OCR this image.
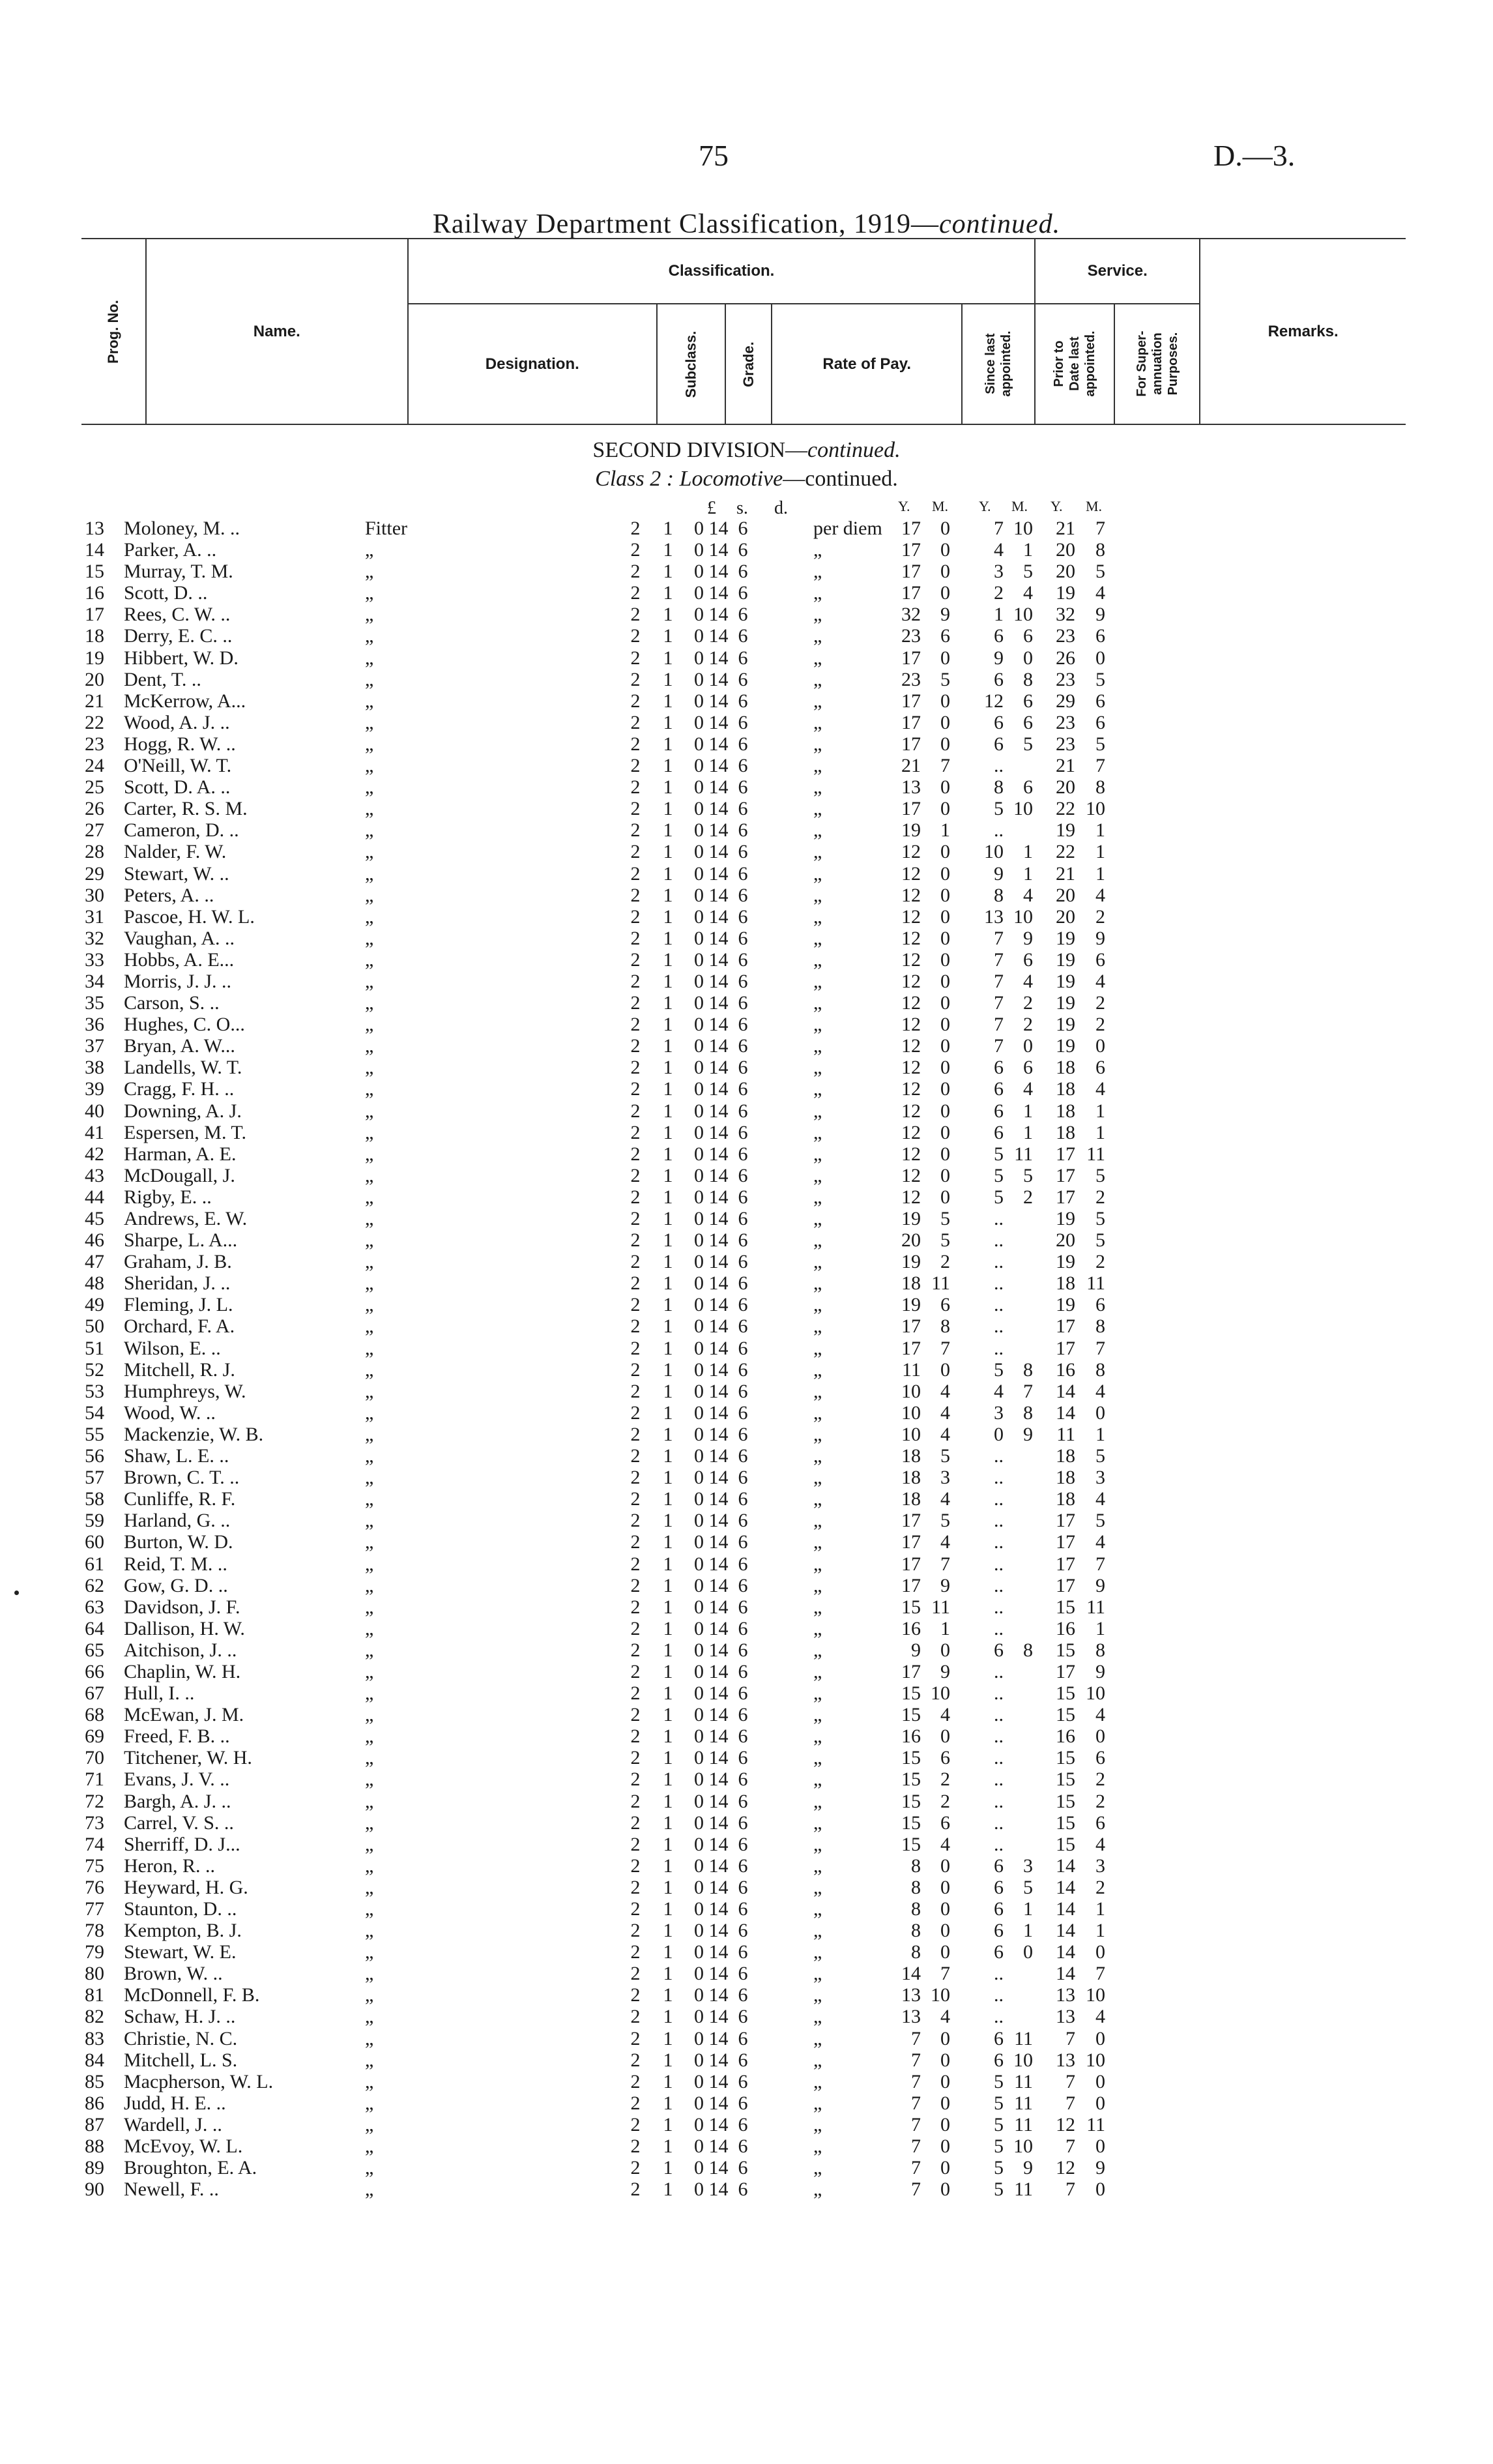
75	D.—3.
Railway Department Classification, 1919—continued.
Prog. No.	Name.	Classification.					Service.		Remarks.
		Designation.	Subclass.	Grade.	Rate of Pay.	Since last appointed.	Prior to Date last appointed.	For Super-annuation Purposes.	
SECOND DIVISION—continued.
Class 2 : Locomotive—continued.
£ s. d.	Y. M. Y. M. Y. M.
13 Moloney, M. ..	Fitter	2 1 0 14  6	per diem 17	0	7 10	21	7
14 Parker, A. ..	„	2 1 0 14  6	„	17	0	4	1	20	8
15 Murray, T. M.	„	2 1 0 14  6	„	17	0	3	5	20	5
16 Scott, D. ..	„	2 1 0 14  6	„	17	0	2	4	19	4
17 Rees, C. W. ..	„	2 1 0 14  6	„	32	9	1 10	32	9
18 Derry, E. C. ..	„	2 1 0 14  6	„	23	6	6	6	23	6
19 Hibbert, W. D.	„	2 1 0 14  6	„	17	0	9	0	26	0
20 Dent, T. ..	„	2 1 0 14  6	„	23	5	6	8	23	5
21 McKerrow, A...	„	2 1 0 14  6	„	17	0	12	6	29	6
22 Wood, A. J. ..	„	2 1 0 14  6	„	17	0	6	6	23	6
23 Hogg, R. W. ..	„	2 1 0 14  6	„	17	0	6	5	23	5
24 O'Neill, W. T.	„	2 1 0 14  6	„	21	7	..	21	7
25 Scott, D. A. ..	„	2 1 0 14  6	„	13	0	8	6	20	8
26 Carter, R. S. M.	„	2 1 0 14  6	„	17	0	5 10	22 10
27 Cameron, D. ..	„	2 1 0 14  6	„	19	1	..	19	1
28 Nalder, F. W.	„	2 1 0 14  6	„	12	0	10	1	22	1
29 Stewart, W. ..	„	2 1 0 14  6	„	12	0	9	1	21	1
30 Peters, A. ..	„	2 1 0 14  6	„	12	0	8	4	20	4
31 Pascoe, H. W. L.	„	2 1 0 14  6	„	12	0	13 10	20	2
32 Vaughan, A. ..	„	2 1 0 14  6	„	12	0	7	9	19	9
33 Hobbs, A. E...	„	2 1 0 14  6	„	12	0	7	6	19	6
34 Morris, J. J. ..	„	2 1 0 14  6	„	12	0	7	4	19	4
35 Carson, S. ..	„	2 1 0 14  6	„	12	0	7	2	19	2
36 Hughes, C. O...	„	2 1 0 14  6	„	12	0	7	2	19	2
37 Bryan, A. W...	„	2 1 0 14  6	„	12	0	7	0	19	0
38 Landells, W. T.	„	2 1 0 14  6	„	12	0	6	6	18	6
39 Cragg, F. H. ..	„	2 1 0 14  6	„	12	0	6	4	18	4
40 Downing, A. J.	„	2 1 0 14  6	„	12	0	6	1	18	1
41 Espersen, M. T.	„	2 1 0 14  6	„	12	0	6	1	18	1
42 Harman, A. E.	„	2 1 0 14  6	„	12	0	5 11	17 11
43 McDougall, J.	„	2 1 0 14  6	„	12	0	5	5	17	5
44 Rigby, E. ..	„	2 1 0 14  6	„	12	0	5	2	17	2
45 Andrews, E. W.	„	2 1 0 14  6	„	19	5	..	19	5
46 Sharpe, L. A...	„	2 1 0 14  6	„	20	5	..	20	5
47 Graham, J. B.	„	2 1 0 14  6	„	19	2	..	19	2
48 Sheridan, J. ..	„	2 1 0 14  6	„	18 11	..	18 11
49 Fleming, J. L.	„	2 1 0 14  6	„	19	6	..	19	6
50 Orchard, F. A.	„	2 1 0 14  6	„	17	8	..	17	8
51 Wilson, E. ..	„	2 1 0 14  6	„	17	7	..	17	7
52 Mitchell, R. J.	„	2 1 0 14  6	„	11	0	5	8	16	8
53 Humphreys, W.	„	2 1 0 14  6	„	10	4	4	7	14	4
54 Wood, W. ..	„	2 1 0 14  6	„	10	4	3	8	14	0
55 Mackenzie, W. B.	„	2 1 0 14  6	„	10	4	0	9	11	1
56 Shaw, L. E. ..	„	2 1 0 14  6	„	18	5	..	18	5
57 Brown, C. T. ..	„	2 1 0 14  6	„	18	3	..	18	3
58 Cunliffe, R. F.	„	2 1 0 14  6	„	18	4	..	18	4
59 Harland, G. ..	„	2 1 0 14  6	„	17	5	..	17	5
60 Burton, W. D.	„	2 1 0 14  6	„	17	4	..	17	4
61 Reid, T. M. ..	„	2 1 0 14  6	„	17	7	..	17	7
62 Gow, G. D. ..	„	2 1 0 14  6	„	17	9	..	17	9
63 Davidson, J. F.	„	2 1 0 14  6	„	15 11	..	15 11
64 Dallison, H. W.	„	2 1 0 14  6	„	16	1	..	16	1
65 Aitchison, J. ..	„	2 1 0 14  6	„	9	0	6	8	15	8
66 Chaplin, W. H.	„	2 1 0 14  6	„	17	9	..	17	9
67 Hull, I. ..	„	2 1 0 14  6	„	15 10	..	15 10
68 McEwan, J. M.	„	2 1 0 14  6	„	15	4	..	15	4
69 Freed, F. B. ..	„	2 1 0 14  6	„	16	0	..	16	0
70 Titchener, W. H.	„	2 1 0 14  6	„	15	6	..	15	6
71 Evans, J. V. ..	„	2 1 0 14  6	„	15	2	..	15	2
72 Bargh, A. J. ..	„	2 1 0 14  6	„	15	2	..	15	2
73 Carrel, V. S. ..	„	2 1 0 14  6	„	15	6	..	15	6
74 Sherriff, D. J...	„	2 1 0 14  6	„	15	4	..	15	4
75 Heron, R. ..	„	2 1 0 14  6	„	8	0	6	3	14	3
76 Heyward, H. G.	„	2 1 0 14  6	„	8	0	6	5	14	2
77 Staunton, D. ..	„	2 1 0 14  6	„	8	0	6	1	14	1
78 Kempton, B. J.	„	2 1 0 14  6	„	8	0	6	1	14	1
79 Stewart, W. E.	„	2 1 0 14  6	„	8	0	6	0	14	0
80 Brown, W. ..	„	2 1 0 14  6	„	14	7	..	14	7
81 McDonnell, F. B.	„	2 1 0 14  6	„	13 10	..	13 10
82 Schaw, H. J. ..	„	2 1 0 14  6	„	13	4	..	13	4
83 Christie, N. C.	„	2 1 0 14  6	„	7	0	6 11	7	0
84 Mitchell, L. S.	„	2 1 0 14  6	„	7	0	6 10	13 10
85 Macpherson, W. L.	„	2 1 0 14  6	„	7	0	5 11	7	0
86 Judd, H. E. ..	„	2 1 0 14  6	„	7	0	5 11	7	0
87 Wardell, J. ..	„	2 1 0 14  6	„	7	0	5 11	12 11
88 McEvoy, W. L.	„	2 1 0 14  6	„	7	0	5 10	7	0
89 Broughton, E. A.	„	2 1 0 14  6	„	7	0	5	9	12	9
90 Newell, F. ..	„	2 1 0 14  6	„	7	0	5 11	7	0
